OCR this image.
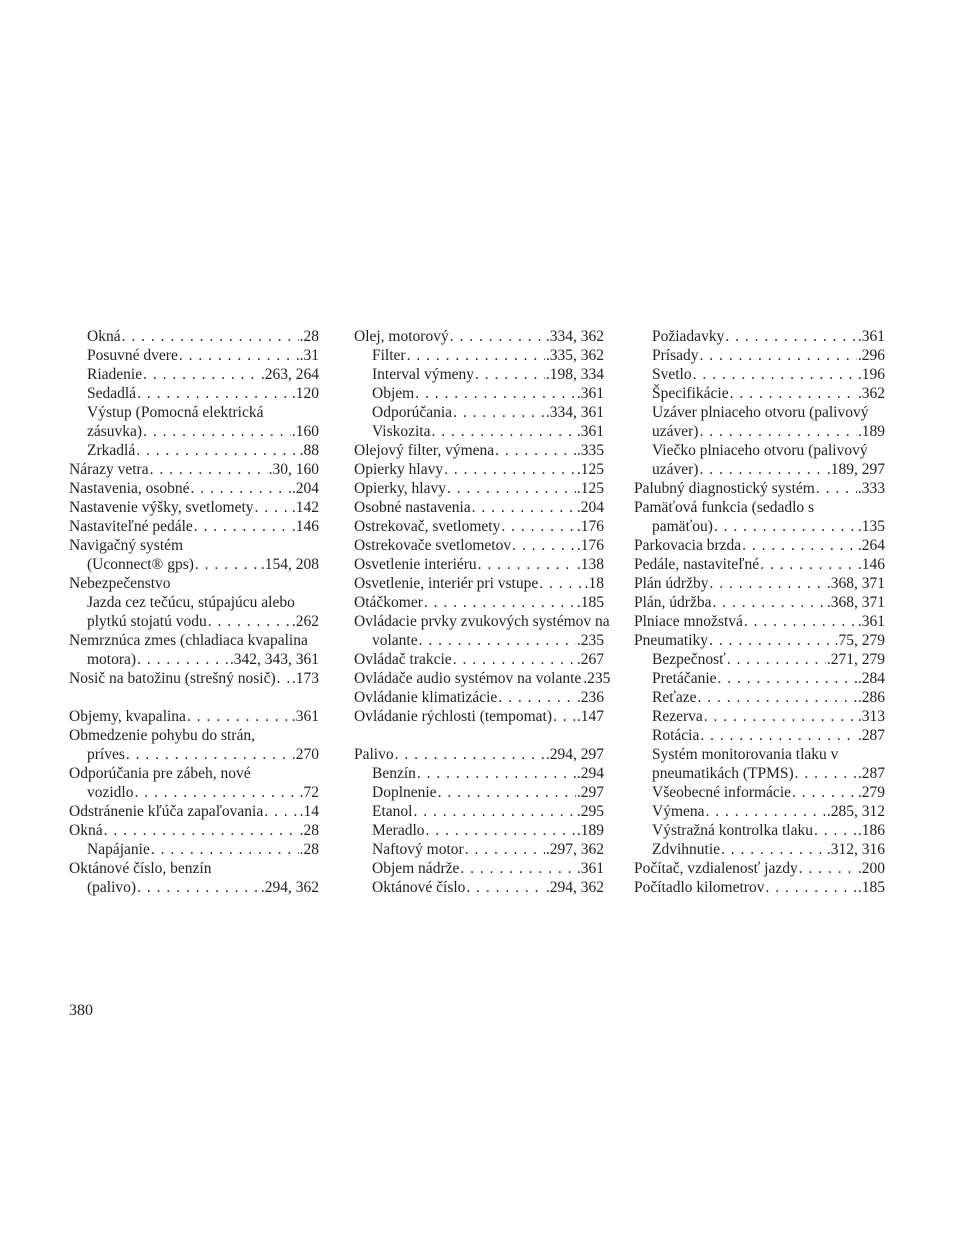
Okná . . .	.28
Posuvné dvere . . .	.31
Riadenie . . .	.263, 264
Sedadlá . . .	.120
Výstup (Pomocná elektrická
zásuvka) . . .	.160
Zrkadlá . . .	.88
Nárazy vetra . . .	.30, 160
Nastavenia, osobné . . .	.204
Nastavenie výšky, svetlomety . . . .142
Nastaviteľné pedále . . .	.146
Navigačný systém
(Uconnect® gps) . . .	.154, 208
Nebezpečenstvo
Jazda cez tečúcu, stúpajúcu alebo
plytkú stojatú vodu . . .	.262
Nemrznúca zmes (chladiaca kvapalina
motora) . . .	.342, 343, 361
Nosič na batožinu (strešný nosič) . . . .173
Objemy, kvapalina . . .	.361
Obmedzenie pohybu do strán,
príves . . .	.270
Odporúčania pre zábeh, nové
vozidlo . . .	.72
Odstránenie kľúča zapaľovania . . . .14
Okná . . .	.28
Napájanie . . .	.28
Oktánové číslo, benzín
(palivo) . . .	.294, 362
Olej, motorový . . .	.334, 362
Filter . . .	.335, 362
Interval výmeny . . .	.198, 334
Objem . . .	.361
Odporúčania . . .	.334, 361
Viskozita . . .	.361
Olejový filter, výmena . . .	.335
Opierky hlavy . . .	.125
Opierky, hlavy . . .	.125
Osobné nastavenia . . .	.204
Ostrekovač, svetlomety . . .	.176
Ostrekovače svetlometov . . .	.176
Osvetlenie interiéru . . .	.138
Osvetlenie, interiér pri vstupe . . .	.18
Otáčkomer . . .	.185
Ovládacie prvky zvukových systémov na
volante . . .	.235
Ovládač trakcie . . .	.267
Ovládače audio systémov na volante .235
Ovládanie klimatizácie . . .	.236
Ovládanie rýchlosti (tempomat) . . . .147
Palivo . . .	.294, 297
Benzín . . .	.294
Doplnenie . . .	.297
Etanol . . .	.295
Meradlo . . .	.189
Naftový motor . . .	.297, 362
Objem nádrže . . .	.361
Oktánové číslo . . .	.294, 362
Požiadavky . . .	.361
Prísady . . .	.296
Svetlo . . .	.196
Špecifikácie . . .	.362
Uzáver plniaceho otvoru (palivový
uzáver) . . .	.189
Viečko plniaceho otvoru (palivový
uzáver) . . .	.189, 297
Palubný diagnostický systém . . .	.333
Pamäťová funkcia (sedadlo s
pamäťou) . . .	.135
Parkovacia brzda . . .	.264
Pedále, nastaviteľné . . .	.146
Plán údržby . . .	.368, 371
Plán, údržba . . .	.368, 371
Plniace množstvá . . .	.361
Pneumatiky . . .	.75, 279
Bezpečnosť . . .	.271, 279
Pretáčanie . . .	.284
Reťaze . . .	.286
Rezerva . . .	.313
Rotácia . . .	.287
Systém monitorovania tlaku v
pneumatikách (TPMS) . . .	.287
Všeobecné informácie . . .	.279
Výmena . . .	.285, 312
Výstražná kontrolka tlaku . . .	.186
Zdvihnutie . . .	.312, 316
Počítač, vzdialenosť jazdy . . .	.200
Počítadlo kilometrov . . .	.185
380
